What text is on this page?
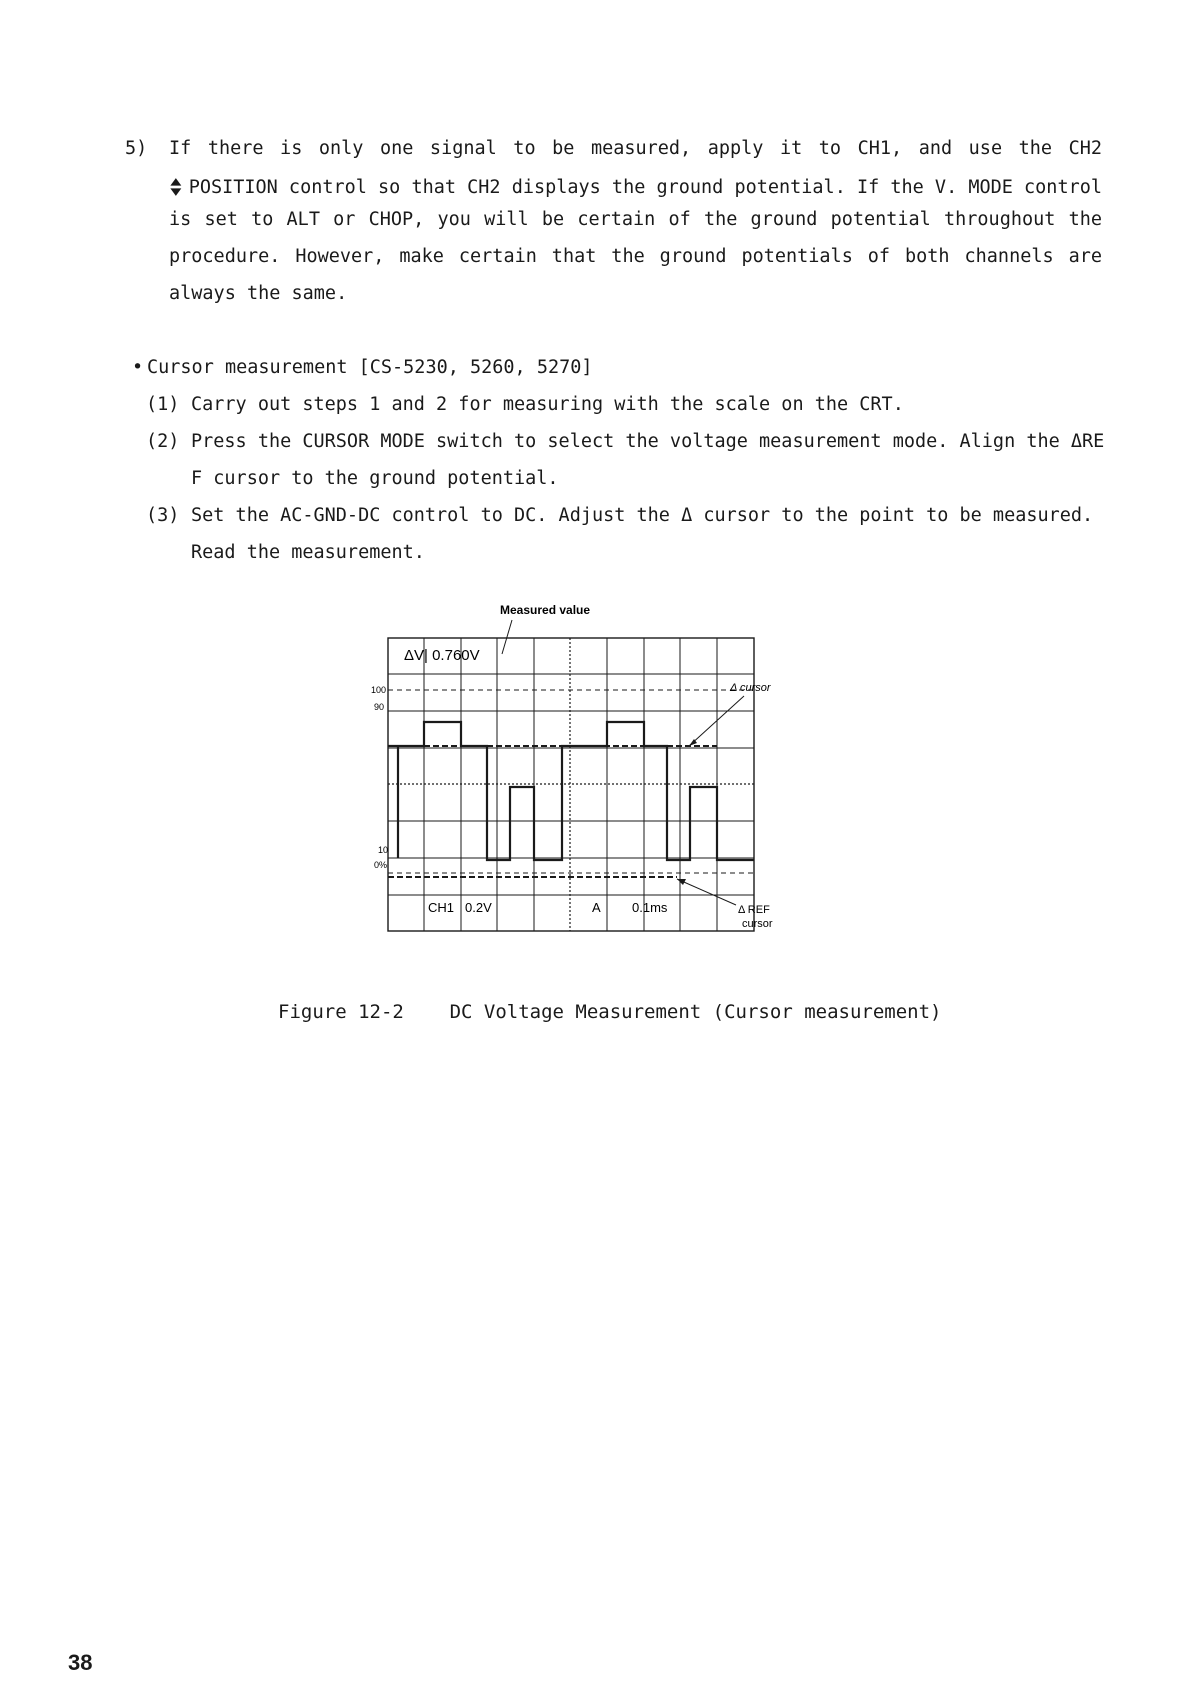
5) If there is only one signal to be measured, apply it to CH1, and use the CH2
POSITION control so that CH2 displays the ground potential. If the V. MODE control
is set to ALT or CHOP, you will be certain of the ground potential throughout the
procedure. However, make certain that the ground potentials of both channels are
always the same.
• Cursor measurement [CS-5230, 5260, 5270]
(1) Carry out steps 1 and 2 for measuring with the scale on the CRT.
(2) Press the CURSOR MODE switch to select the voltage measurement mode. Align the ΔRE
F cursor to the ground potential.
(3) Set the AC-GND-DC control to DC. Adjust the Δ cursor to the point to be measured.
Read the measurement.
Measured value
ΔV| 0.760V
100
90
10
0%
CH1 0.2V	A 0.1ms
Δ cursor
Δ REF
cursor
Figure 12-2    DC Voltage Measurement (Cursor measurement)
38
